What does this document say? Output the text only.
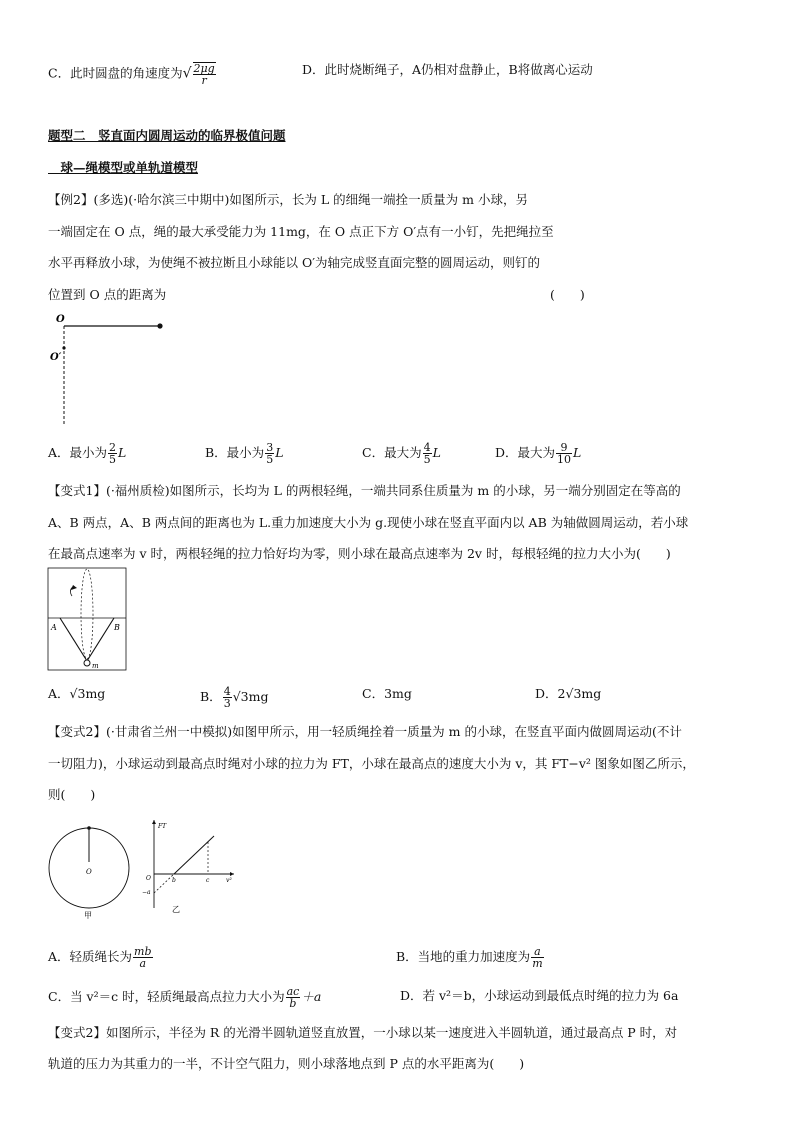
C．此时圆盘的角速度为√ $\frac{2\mu g}{r}$	D．此时烧断绳子，A仍相对盘静止，B将做离心运动
题型二　竖直面内圆周运动的临界极值问题
　球—绳模型或单轨道模型
【例2】(多选)(·哈尔滨三中期中)如图所示，长为 L 的细绳一端拴一质量为 m 小球，另
一端固定在 O 点，绳的最大承受能力为 11mg，在 O 点正下方 O′点有一小钉，先把绳拉至
水平再释放小球，为使绳不被拉断且小球能以 O′为轴完成竖直面完整的圆周运动，则钉的
位置到 O 点的距离为	(　　)
O
O′
A．最小为 $\frac{2}{5}$ L	B．最小为 $\frac{3}{5}$ L	C．最大为 $\frac{4}{5}$ L	D．最大为 $\frac{9}{10}$ L
【变式1】(·福州质检)如图所示，长均为 L 的两根轻绳，一端共同系住质量为 m 的小球，另一端分别固定在等高的
A、B 两点，A、B 两点间的距离也为 L.重力加速度大小为 g.现使小球在竖直平面内以 AB 为轴做圆周运动，若小球
在最高点速率为 v 时，两根轻绳的拉力恰好均为零，则小球在最高点速率为 2v 时，每根轻绳的拉力大小为(　　)
A	B
m
A．√3mg	B． $\frac{4}{3} √3mg$	C．3mg	D．2√3mg
【变式2】(·甘肃省兰州一中模拟)如图甲所示，用一轻质绳拴着一质量为 m 的小球，在竖直平面内做圆周运动(不计
一切阻力)，小球运动到最高点时绳对小球的拉力为 FT，小球在最高点的速度大小为 v，其 FT−v² 图象如图乙所示，
则(　　)
O
甲
FT
O
−a
b	c	v²
乙
A．轻质绳长为 $\frac{mb}{a}$	B．当地的重力加速度为 $\frac{a}{m}$
C．当 v²＝c 时，轻质绳最高点拉力大小为 $\frac{ac}{b} +a$	D．若 v²＝b，小球运动到最低点时绳的拉力为 6a
【变式2】如图所示，半径为 R 的光滑半圆轨道竖直放置，一小球以某一速度进入半圆轨道，通过最高点 P 时，对
轨道的压力为其重力的一半，不计空气阻力，则小球落地点到 P 点的水平距离为(　　)
